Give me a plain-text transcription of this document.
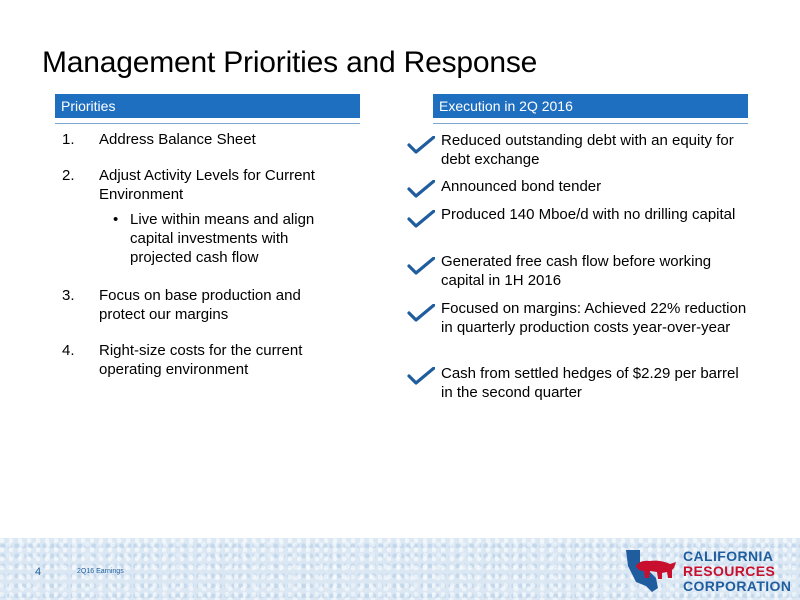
Management Priorities and Response
Priorities
1.	Address Balance Sheet
2.	Adjust Activity Levels for Current Environment
• Live within means and align capital investments with projected cash flow
3.	Focus on base production and protect our margins
4.	Right-size costs for the current operating environment
Execution in 2Q 2016
Reduced outstanding debt with an equity for debt exchange
Announced bond tender
Produced 140 Mboe/d with no drilling capital
Generated free cash flow before working capital in 1H 2016
Focused on margins: Achieved 22% reduction in quarterly production costs year-over-year
Cash from settled hedges of $2.29 per barrel in the second quarter
4	2Q16 Earnings
CALIFORNIA
RESOURCES
CORPORATION
